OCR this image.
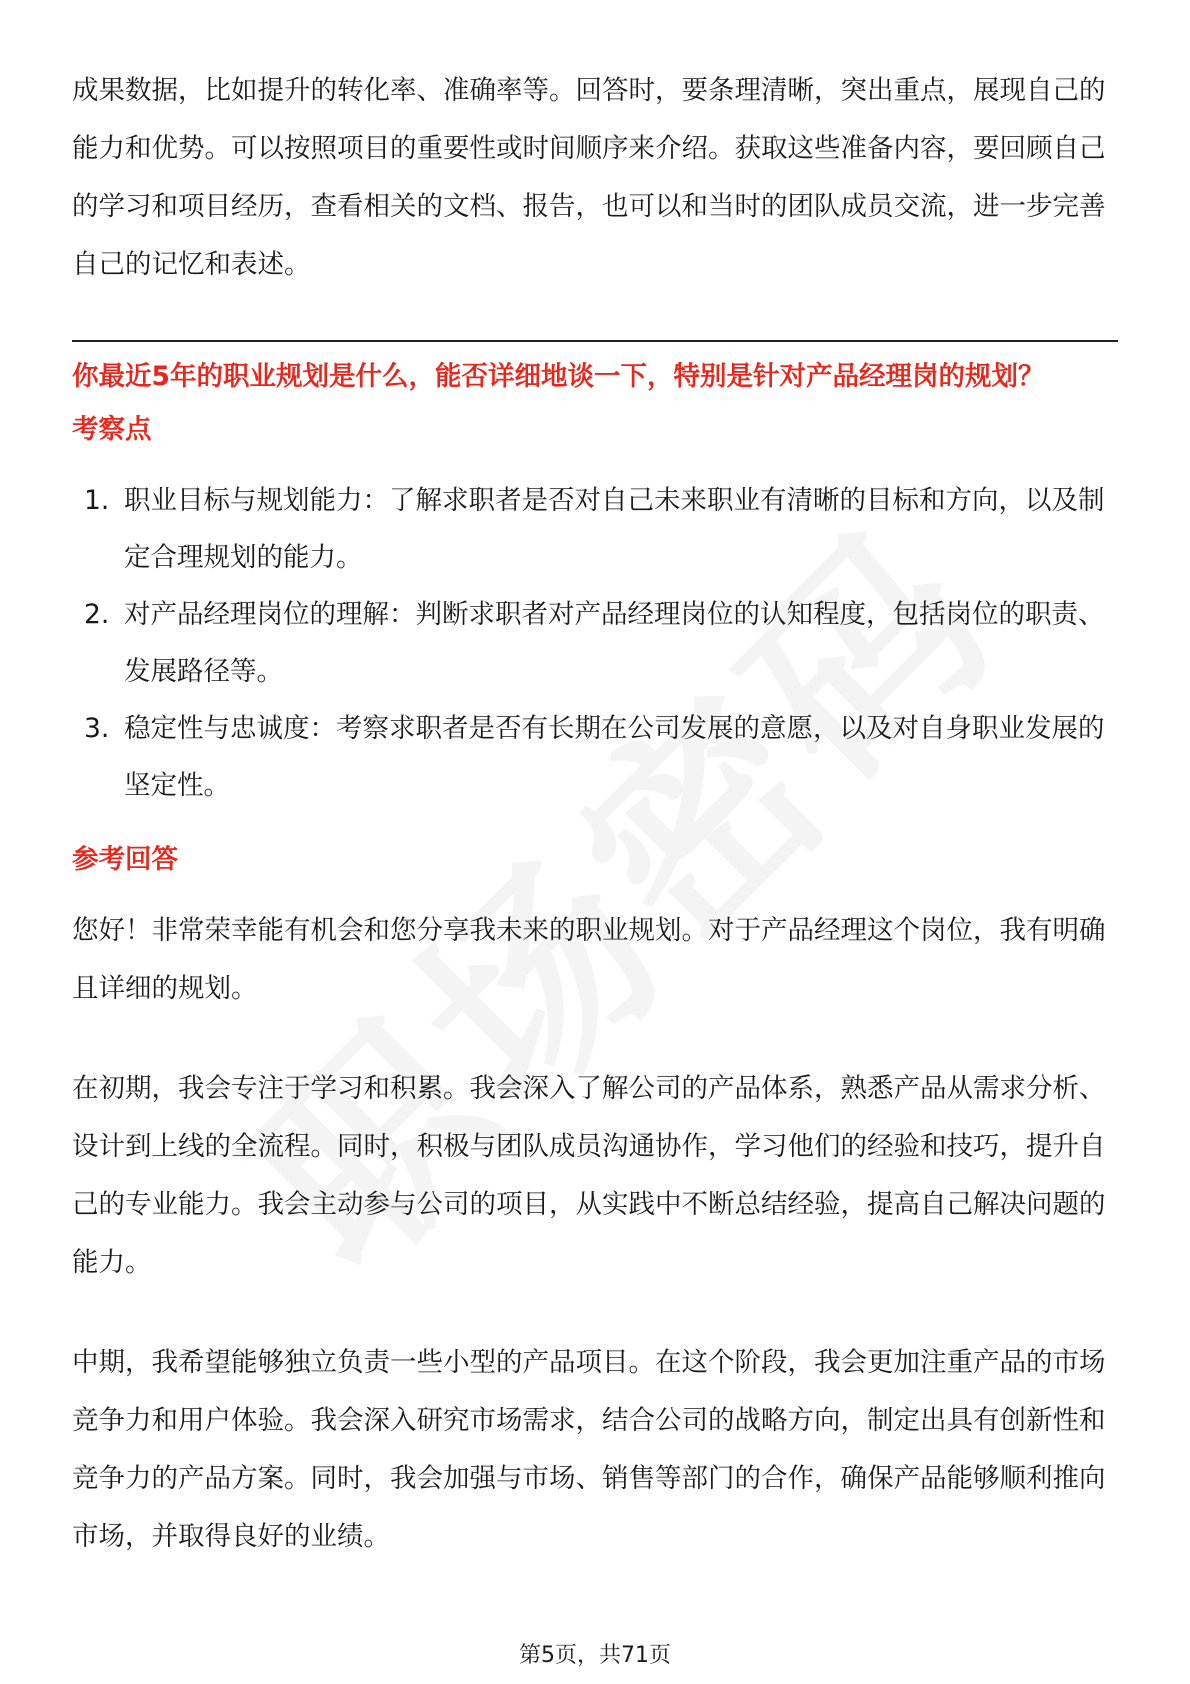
成果数据，比如提升的转化率、准确率等。回答时，要条理清晰，突出重点，展现自己的能力和优势。可以按照项目的重要性或时间顺序来介绍。获取这些准备内容，要回顾自己的学习和项目经历，查看相关的文档、报告，也可以和当时的团队成员交流，进一步完善自己的记忆和表述。

你最近5年的职业规划是什么，能否详细地谈一下，特别是针对产品经理岗的规划？
考察点
1. 职业目标与规划能力：了解求职者是否对自己未来职业有清晰的目标和方向，以及制定合理规划的能力。
2. 对产品经理岗位的理解：判断求职者对产品经理岗位的认知程度，包括岗位的职责、发展路径等。
3. 稳定性与忠诚度：考察求职者是否有长期在公司发展的意愿，以及对自身职业发展的坚定性。
参考回答

您好！非常荣幸能有机会和您分享我未来的职业规划。对于产品经理这个岗位，我有明确且详细的规划。

在初期，我会专注于学习和积累。我会深入了解公司的产品体系，熟悉产品从需求分析、设计到上线的全流程。同时，积极与团队成员沟通协作，学习他们的经验和技巧，提升自己的专业能力。我会主动参与公司的项目，从实践中不断总结经验，提高自己解决问题的能力。

中期，我希望能够独立负责一些小型的产品项目。在这个阶段，我会更加注重产品的市场竞争力和用户体验。我会深入研究市场需求，结合公司的战略方向，制定出具有创新性和竞争力的产品方案。同时，我会加强与市场、销售等部门的合作，确保产品能够顺利推向市场，并取得良好的业绩。

第5页，共71页
